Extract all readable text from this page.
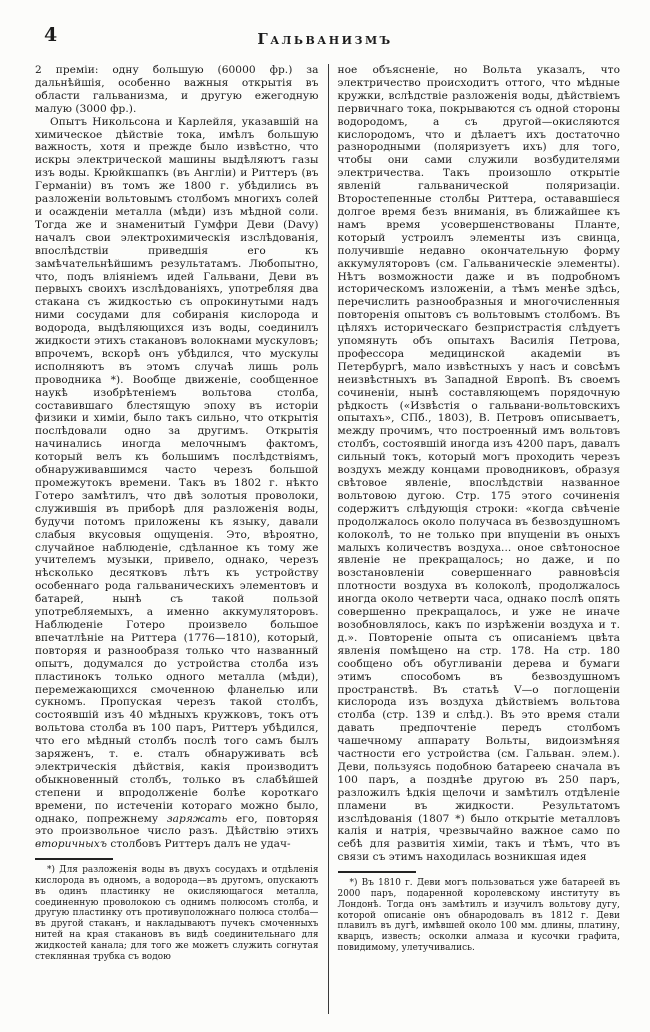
4	Гальванизмъ

2 преміи: одну большую (60000 фр.) за дальнѣйшія, особенно важныя открытія въ области гальванизма, и другую ежегодную малую (3000 фр.).

Опытъ Никольсона и Карлейля, указавшій на химическое дѣйствіе тока, имѣлъ большую важность, хотя и прежде было извѣстно, что искры электрической машины выдѣляютъ газы изъ воды. Крюйкшапкъ (въ Англіи) и Риттеръ (въ Германіи) въ томъ же 1800 г. убѣдились въ разложеніи вольтовымъ столбомъ многихъ солей и осажденіи металла (мѣди) изъ мѣдной соли. Тогда же и знаменитый Гумфри Деви (Davy) началъ свои электрохимическія изслѣдованія, впослѣдствіи приведшія его къ замѣчательнѣйшимъ результатамъ. Любопытно, что, подъ вліяніемъ идей Гальвани, Деви въ первыхъ своихъ изслѣдованіяхъ, употребляя два стакана съ жидкостью съ опрокинутыми надъ ними сосудами для собиранія кислорода и водорода, выдѣляющихся изъ воды, соединилъ жидкости этихъ стакановъ волокнами мускуловъ; впрочемъ, вскорѣ онъ убѣдился, что мускулы исполняютъ въ этомъ случаѣ лишь роль проводника *). Вообще движеніе, сообщенное наукѣ изобрѣтеніемъ вольтова столба, составившаго блестящую эпоху въ исторіи физики и химіи, было такъ сильно, что открытія послѣдовали одно за другимъ. Открытія начинались иногда мелочнымъ фактомъ, который велъ къ большимъ послѣдствіямъ, обнаруживавшимся часто черезъ большой промежутокъ времени. Такъ въ 1802 г. нѣкто Готеро замѣтилъ, что двѣ золотыя проволоки, служившія въ приборѣ для разложенія воды, будучи потомъ приложены къ языку, давали слабыя вкусовыя ощущенія. Это, вѣроятно, случайное наблюденіе, сдѣланное къ тому же учителемъ музыки, привело, однако, черезъ нѣсколько десятковъ лѣтъ къ устройству особеннаго рода гальваническихъ элементовъ и батарей, нынѣ съ такой пользой употребляемыхъ, а именно аккумуляторовъ. Наблюденіе Готеро произвело большое впечатлѣніе на Риттера (1776—1810), который, повторяя и разнообразя только что названный опытъ, додумался до устройства столба изъ пластинокъ только одного металла (мѣди), перемежающихся смоченною фланелью или сукномъ. Пропуская черезъ такой столбъ, состоявшій изъ 40 мѣдныхъ кружковъ, токъ отъ вольтова столба въ 100 паръ, Риттеръ убѣдился, что его мѣдный столбъ послѣ того самъ былъ заряженъ, т. е. сталъ обнаруживать всѣ электрическія дѣйствія, какія производитъ обыкновенный столбъ, только въ слабѣйшей степени и впродолженіе болѣе короткаго времени, по истеченіи котораго можно было, однако, попрежнему заряжать его, повторяя это произвольное число разъ. Дѣйствію этихъ вторичныхъ столбовъ Риттеръ далъ не удач-

*) Для разложенія воды въ двухъ сосудахъ и отдѣленія кислорода въ одномъ, а водорода—въ другомъ, опускаютъ въ одинъ пластинку не окисляющагося металла, соединенную проволокою съ однимъ полюсомъ столба, и другую пластинку отъ противуположнаго полюса столба—въ другой стаканъ, и накладываютъ пучекъ смоченныхъ нитей на края стакановъ въ видѣ соединительнаго для жидкостей канала; для того же можетъ служить согнутая стеклянная трубка съ водою

ное объясненіе, но Вольта указалъ, что электричество происходитъ оттого, что мѣдные кружки, вслѣдствіе разложенія воды, дѣйствіемъ первичнаго тока, покрываются съ одной стороны водородомъ, а съ другой—окисляются кислородомъ, что и дѣлаетъ ихъ достаточно разнородными (поляризуетъ ихъ) для того, чтобы они сами служили возбудителями электричества. Такъ произошло открытіе явленій гальванической поляризаціи. Второстепенные столбы Риттера, остававшіеся долгое время безъ вниманія, въ ближайшее къ намъ время усовершенствованы Планте, который устроилъ элементы изъ свинца, получившіе недавно окончательную форму аккумуляторовъ (см. Гальваническіе элементы). Нѣтъ возможности даже и въ подробномъ историческомъ изложеніи, а тѣмъ менѣе здѣсь, перечислить разнообразныя и многочисленныя повторенія опытовъ съ вольтовымъ столбомъ. Въ цѣляхъ историческаго безпристрастія слѣдуетъ упомянуть объ опытахъ Василія Петрова, профессора медицинской академіи въ Петербургѣ, мало извѣстныхъ у насъ и совсѣмъ неизвѣстныхъ въ Западной Европѣ. Въ своемъ сочиненіи, нынѣ составляющемъ порядочную рѣдкость («Извѣстія о гальвани-вольтовскихъ опытахъ», СПб., 1803), В. Петровъ описываетъ, между прочимъ, что построенный имъ вольтовъ столбъ, состоявшій иногда изъ 4200 паръ, давалъ сильный токъ, который могъ проходить черезъ воздухъ между концами проводниковъ, образуя свѣтовое явленіе, впослѣдствіи названное вольтовою дугою. Стр. 175 этого сочиненія содержитъ слѣдующія строки: «когда свѣченіе продолжалось около получаса въ безвоздушномъ колоколѣ, то не только при впущеніи въ оныхъ малыхъ количествъ воздуха... оное свѣтоносное явленіе не прекращалось; но даже, и по возстановленіи совершеннаго равновѣсія плотности воздуха въ колоколѣ, продолжалось иногда около четверти часа, однако послѣ опять совершенно прекращалось, и уже не иначе возобновлялось, какъ по изрѣженіи воздуха и т. д.». Повтореніе опыта съ описаніемъ цвѣта явленія помѣщено на стр. 178. На стр. 180 сообщено объ обугливаніи дерева и бумаги этимъ способомъ въ безвоздушномъ пространствѣ. Въ статьѣ V—о поглощеніи кислорода изъ воздуха дѣйствіемъ вольтова столба (стр. 139 и слѣд.). Въ это время стали давать предпочтеніе передъ столбомъ чашечному аппарату Вольты, видоизмѣняя частности его устройства (см. Гальван. элем.). Деви, пользуясь подобною батареею сначала въ 100 паръ, а позднѣе другою въ 250 паръ, разложилъ ѣдкія щелочи и замѣтилъ отдѣленіе пламени въ жидкости. Результатомъ изслѣдованія (1807 *) было открытіе металловъ калія и натрія, чрезвычайно важное само по себѣ для развитія химіи, такъ и тѣмъ, что въ связи съ этимъ находилась возникшая идея

*) Въ 1810 г. Деви могъ пользоваться уже батареей въ 2000 паръ, подаренной королевскому институту въ Лондонѣ. Тогда онъ замѣтилъ и изучилъ вольтову дугу, которой описаніе онъ обнародовалъ въ 1812 г. Деви плавилъ въ дугѣ, имѣвшей около 100 мм. длины, платину, кварцъ, известь; осколки алмаза и кусочки графита, повидимому, улетучивались.
